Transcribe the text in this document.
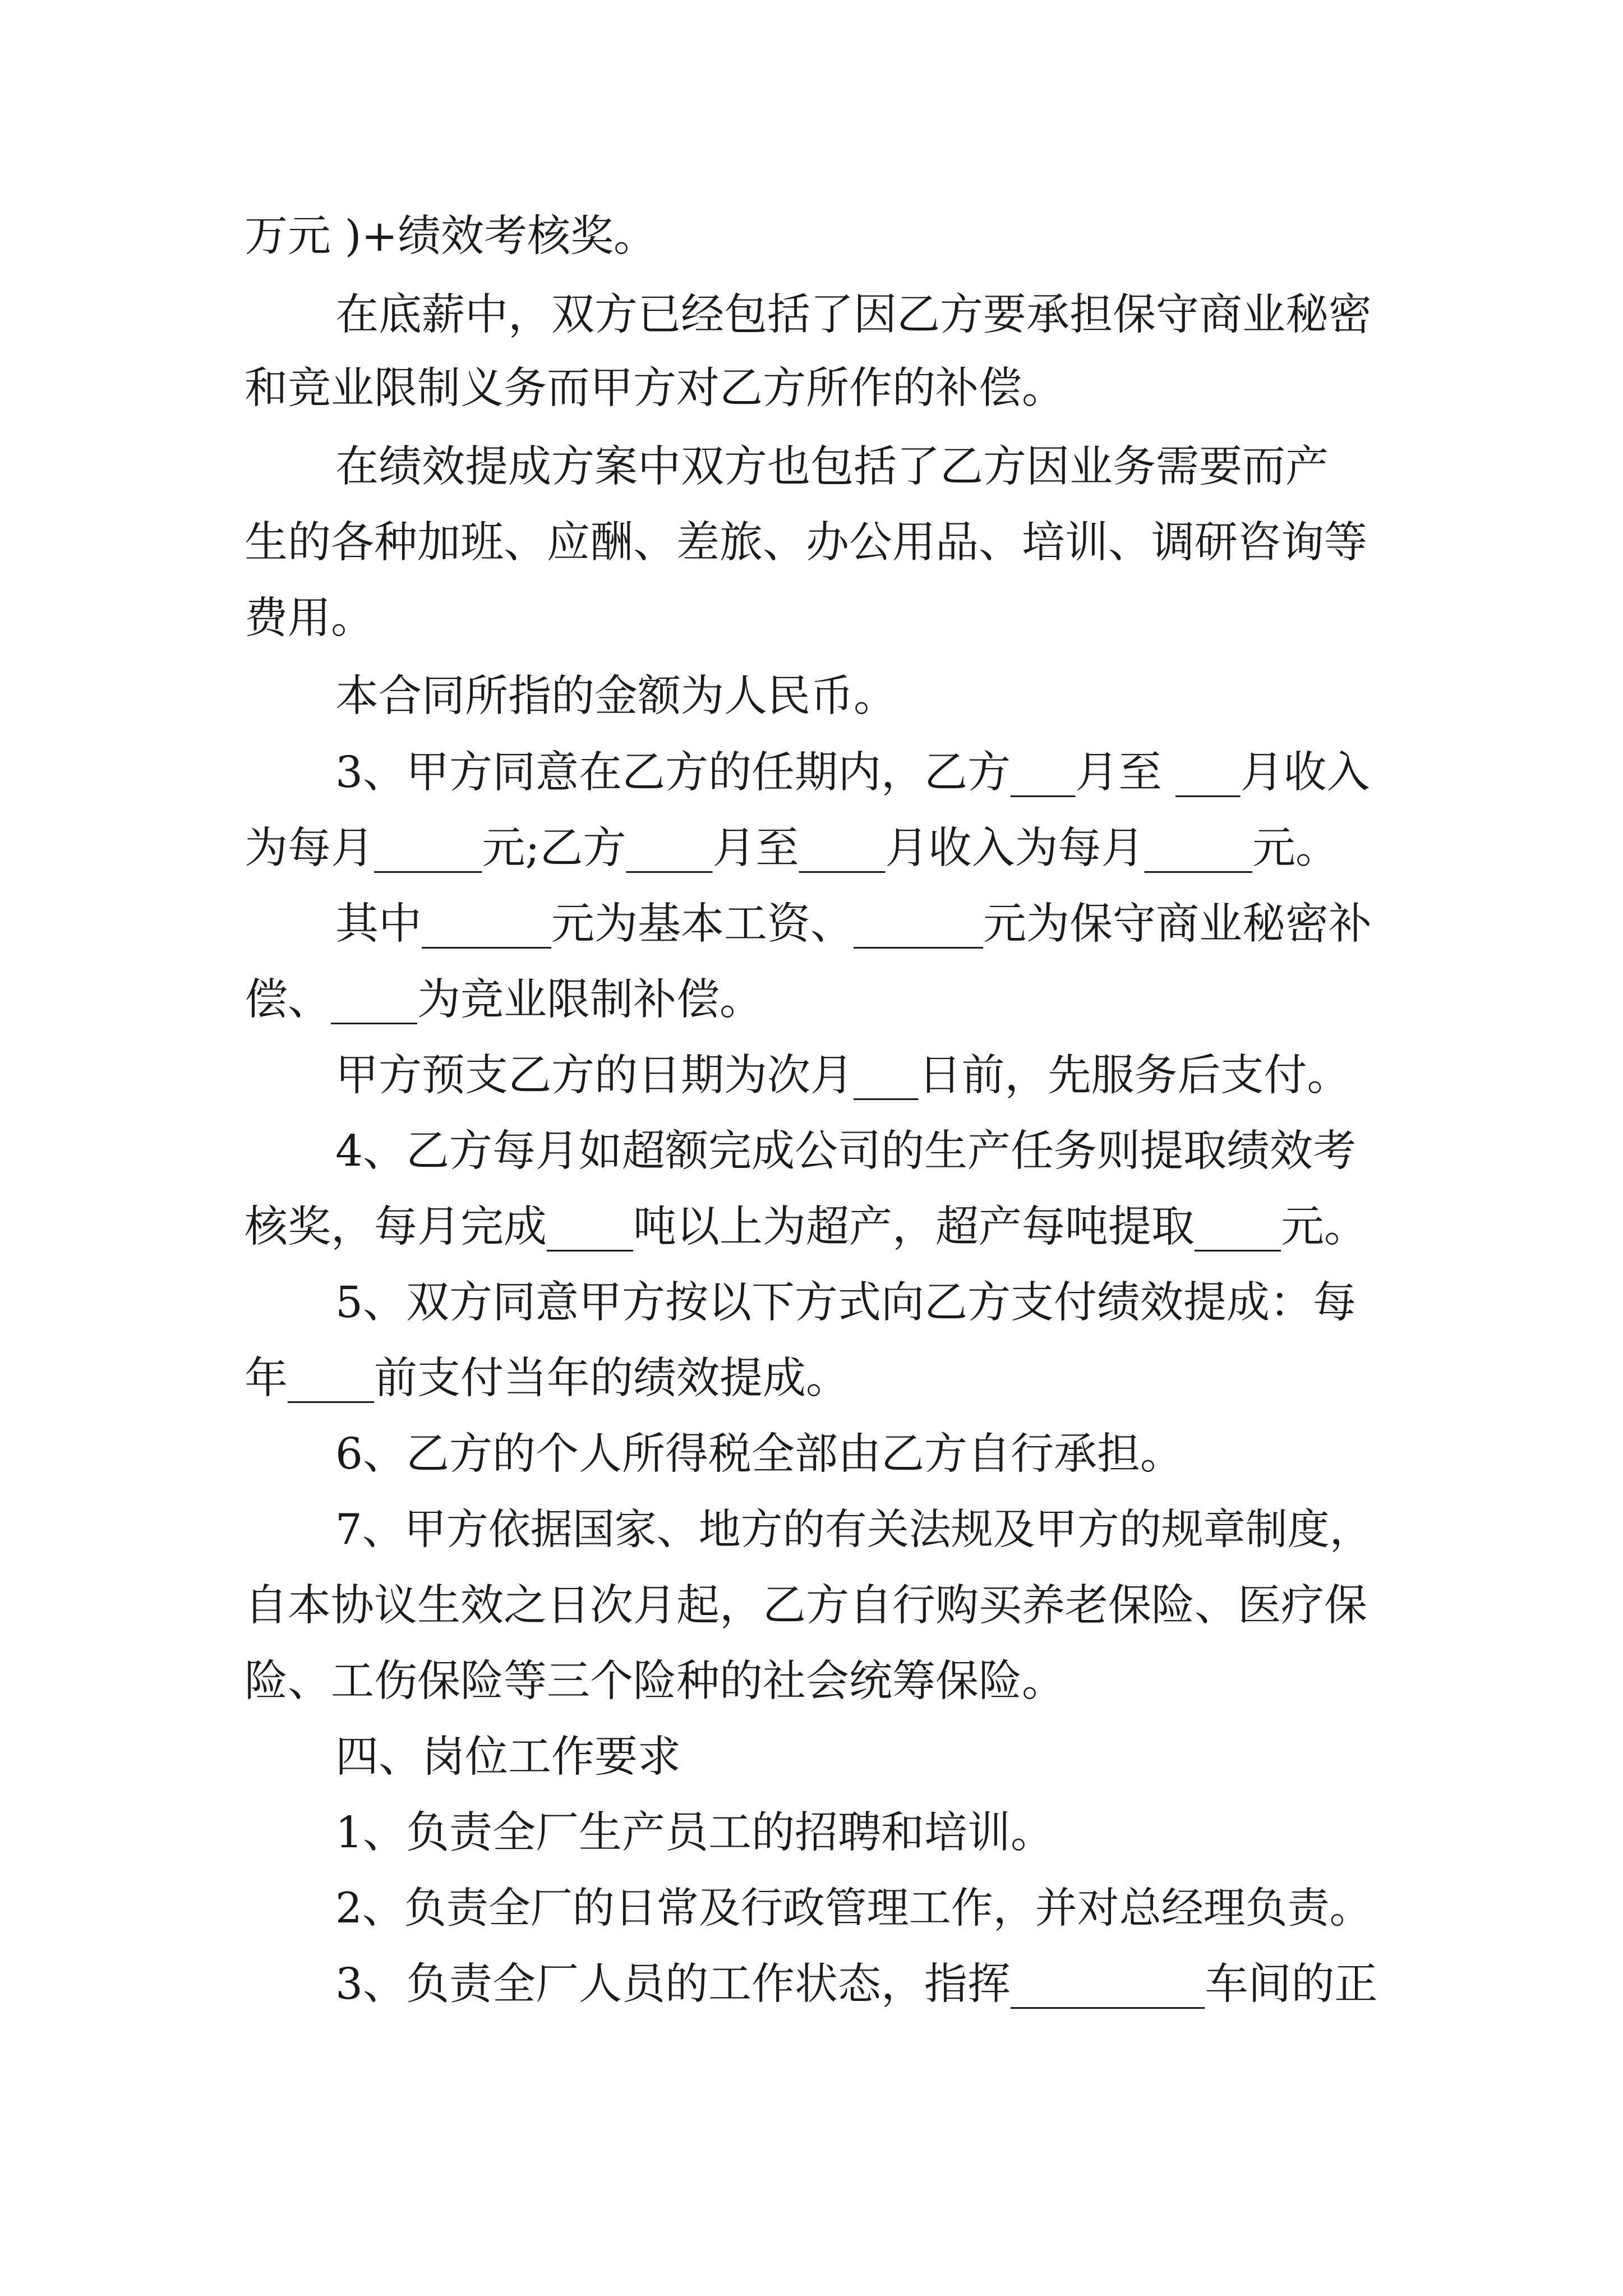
万元 )+绩效考核奖。

在底薪中，双方已经包括了因乙方要承担保守商业秘密

和竞业限制义务而甲方对乙方所作的补偿。

在绩效提成方案中双方也包括了乙方因业务需要而产

生的各种加班、应酬、差旅、办公用品、培训、调研咨询等

费用。

本合同所指的金额为人民币。

3、甲方同意在乙方的任期内，乙方___月至 ___月收入

为每月_____元;乙方____月至____月收入为每月_____元。

其中______元为基本工资、______元为保守商业秘密补

偿、____为竞业限制补偿。

甲方预支乙方的日期为次月___日前，先服务后支付。

4、乙方每月如超额完成公司的生产任务则提取绩效考

核奖，每月完成____吨以上为超产，超产每吨提取____元。

5、双方同意甲方按以下方式向乙方支付绩效提成：每

年____前支付当年的绩效提成。

6、乙方的个人所得税全部由乙方自行承担。

7、甲方依据国家、地方的有关法规及甲方的规章制度，

自本协议生效之日次月起，乙方自行购买养老保险、医疗保

险、工伤保险等三个险种的社会统筹保险。

四、岗位工作要求

1、负责全厂生产员工的招聘和培训。

2、负责全厂的日常及行政管理工作，并对总经理负责。

3、负责全厂人员的工作状态，指挥_________车间的正
